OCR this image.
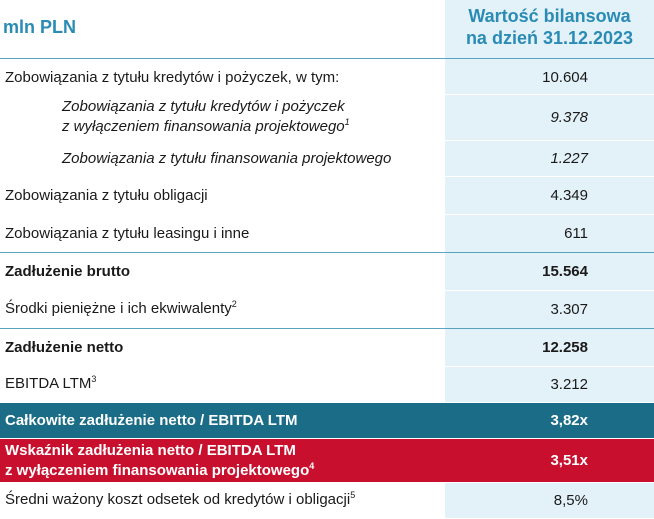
mln PLN
Wartość bilansowa
na dzień 31.12.2023
Zobowiązania z tytułu kredytów i pożyczek, w tym:	10.604
Zobowiązania z tytułu kredytów i pożyczek
z wyłączeniem finansowania projektowego$^1$	9.378
Zobowiązania z tytułu finansowania projektowego	1.227
Zobowiązania z tytułu obligacji	4.349
Zobowiązania z tytułu leasingu i inne	611
Zadłużenie brutto	15.564
Środki pieniężne i ich ekwiwalenty$^2$	3.307
Zadłużenie netto	12.258
EBITDA LTM$^3$	3.212
Całkowite zadłużenie netto / EBITDA LTM	3,82x
Wskaźnik zadłużenia netto / EBITDA LTM
z wyłączeniem finansowania projektowego$^4$	3,51x
Średni ważony koszt odsetek od kredytów i obligacji$^5$	8,5%
